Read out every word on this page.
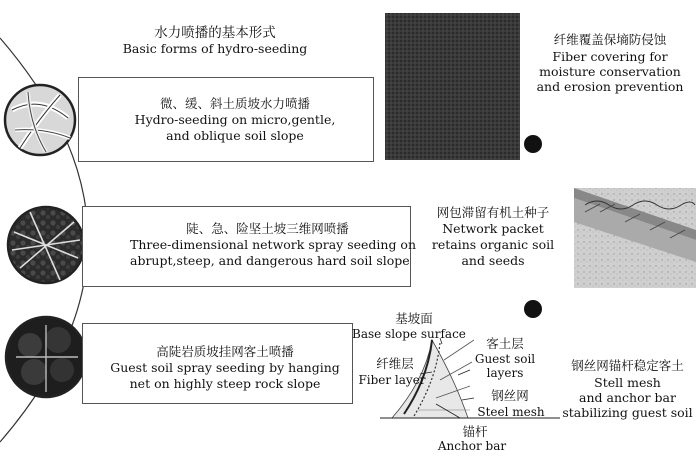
水力喷播的基本形式
Basic forms of hydro-seeding
微、缓、斜土质坡水力喷播
Hydro-seeding on micro,gentle,
and oblique soil slope
陡、急、险坚土坡三维网喷播
Three-dimensional network spray seeding on
abrupt,steep, and dangerous hard soil slope
高陡岩质坡挂网客土喷播
Guest soil spray seeding by hanging
net on highly steep rock slope
纤维覆盖保墒防侵蚀
Fiber covering for
moisture conservation
and erosion prevention
网包滞留有机土种子
Network packet
retains organic soil
and seeds
钢丝网锚杆稳定客土
Stell mesh
and anchor bar
stabilizing guest soil
基坡面
Base slope surface
客土层
Guest soil
layers
纤维层
Fiber layer
钢丝网
Steel mesh
锚杆
Anchor bar
